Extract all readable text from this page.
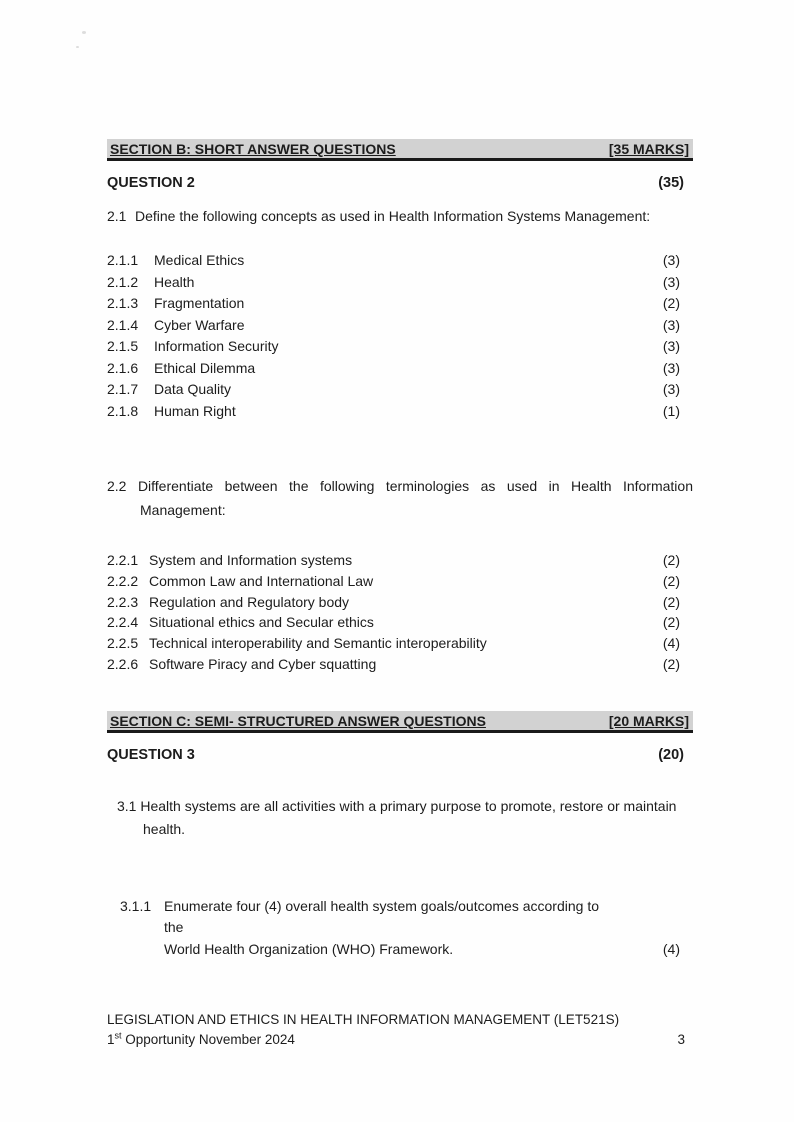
SECTION B: SHORT ANSWER QUESTIONS	[35 MARKS]
QUESTION 2	(35)
2.1 Define the following concepts as used in Health Information Systems Management:
2.1.1	Medical Ethics	(3)
2.1.2	Health	(3)
2.1.3	Fragmentation	(2)
2.1.4	Cyber Warfare	(3)
2.1.5	Information Security	(3)
2.1.6	Ethical Dilemma	(3)
2.1.7	Data Quality	(3)
2.1.8	Human Right	(1)
2.2 Differentiate between the following terminologies as used in Health Information Management:
2.2.1 System and Information systems	(2)
2.2.2 Common Law and International Law	(2)
2.2.3 Regulation and Regulatory body	(2)
2.2.4 Situational ethics and Secular ethics	(2)
2.2.5 Technical interoperability and Semantic interoperability	(4)
2.2.6 Software Piracy and Cyber squatting	(2)
SECTION C: SEMI- STRUCTURED ANSWER QUESTIONS	[20 MARKS]
QUESTION 3	(20)
3.1 Health systems are all activities with a primary purpose to promote, restore or maintain health.
3.1.1 Enumerate four (4) overall health system goals/outcomes according to the
World Health Organization (WHO) Framework.	(4)
LEGISLATION AND ETHICS IN HEALTH INFORMATION MANAGEMENT (LET521S)
1st Opportunity November 2024	3
